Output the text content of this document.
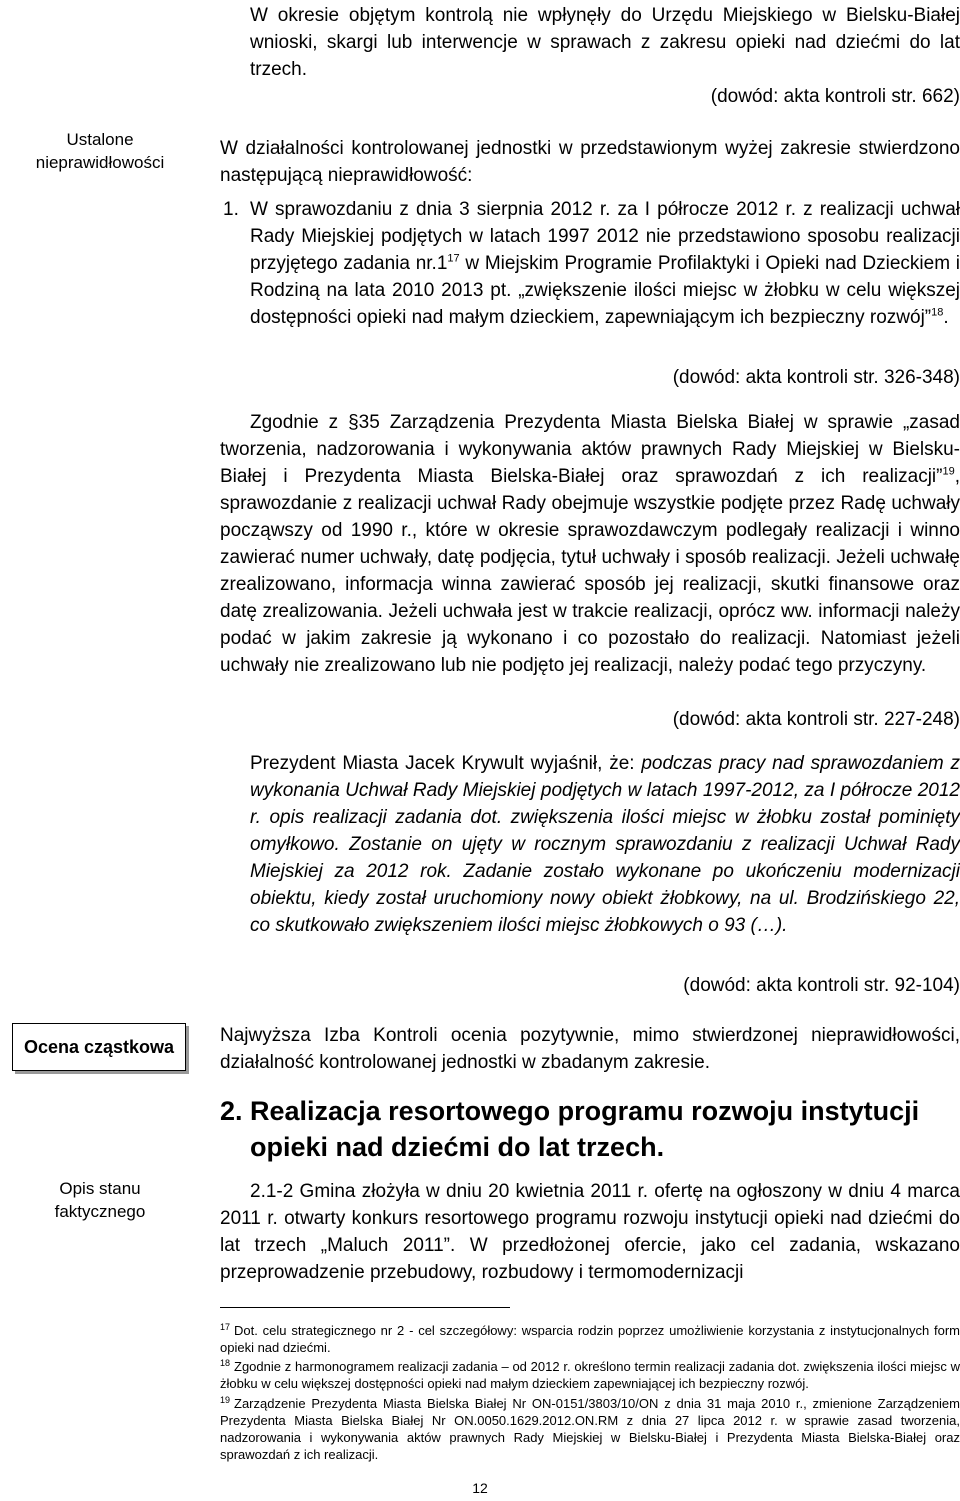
Ustalone nieprawidłowości
Ocena cząstkowa
Opis stanu faktycznego

W okresie objętym kontrolą nie wpłynęły do Urzędu Miejskiego w Bielsku-Białej wnioski, skargi lub interwencje w sprawach z zakresu opieki nad dziećmi do lat trzech.

(dowód: akta kontroli str. 662)

W działalności kontrolowanej jednostki w przedstawionym wyżej zakresie stwierdzono następującą nieprawidłowość:

1. W sprawozdaniu z dnia 3 sierpnia 2012 r. za I półrocze 2012 r. z realizacji uchwał Rady Miejskiej podjętych w latach 1997 2012 nie przedstawiono sposobu realizacji przyjętego zadania $nr.1^{17}$ w Miejskim Programie Profilaktyki i Opieki nad Dzieckiem i Rodziną na lata 2010 2013 pt. „zwiększenie ilości miejsc w żłobku w celu większej dostępności opieki nad małym dzieckiem, zapewniającym ich bezpieczny rozwój”$^{18}$.

(dowód: akta kontroli str. 326-348)

Zgodnie z §35 Zarządzenia Prezydenta Miasta Bielska Białej w sprawie „zasad tworzenia, nadzorowania i wykonywania aktów prawnych Rady Miejskiej w Bielsku-Białej i Prezydenta Miasta Bielska-Białej oraz sprawozdań z ich realizacji”$^{19}$, sprawozdanie z realizacji uchwał Rady obejmuje wszystkie podjęte przez Radę uchwały począwszy od 1990 r., które w okresie sprawozdawczym podlegały realizacji i winno zawierać numer uchwały, datę podjęcia, tytuł uchwały i sposób realizacji. Jeżeli uchwałę zrealizowano, informacja winna zawierać sposób jej realizacji, skutki finansowe oraz datę zrealizowania. Jeżeli uchwała jest w trakcie realizacji, oprócz ww. informacji należy podać w jakim zakresie ją wykonano i co pozostało do realizacji. Natomiast jeżeli uchwały nie zrealizowano lub nie podjęto jej realizacji, należy podać tego przyczyny.

(dowód: akta kontroli str. 227-248)

Prezydent Miasta Jacek Krywult wyjaśnił, że: podczas pracy nad sprawozdaniem z wykonania Uchwał Rady Miejskiej podjętych w latach 1997-2012, za I półrocze 2012 r. opis realizacji zadania dot. zwiększenia ilości miejsc w żłobku został pominięty omyłkowo. Zostanie on ujęty w rocznym sprawozdaniu z realizacji Uchwał Rady Miejskiej za 2012 rok. Zadanie zostało wykonane po ukończeniu modernizacji obiektu, kiedy został uruchomiony nowy obiekt żłobkowy, na ul. Brodzińskiego 22, co skutkowało zwiększeniem ilości miejsc żłobkowych o 93 (…).

(dowód: akta kontroli str. 92-104)

Najwyższa Izba Kontroli ocenia pozytywnie, mimo stwierdzonej nieprawidłowości, działalność kontrolowanej jednostki w zbadanym zakresie.

2. Realizacja resortowego programu rozwoju instytucji opieki nad dziećmi do lat trzech.

2.1-2 Gmina złożyła w dniu 20 kwietnia 2011 r. ofertę na ogłoszony w dniu 4 marca 2011 r. otwarty konkurs resortowego programu rozwoju instytucji opieki nad dziećmi do lat trzech „Maluch 2011”. W przedłożonej ofercie, jako cel zadania, wskazano przeprowadzenie przebudowy, rozbudowy i termomodernizacji

$^{17}$ Dot. celu strategicznego nr 2 - cel szczegółowy: wsparcia rodzin poprzez umożliwienie korzystania z instytucjonalnych form opieki nad dziećmi.
$^{18}$ Zgodnie z harmonogramem realizacji zadania – od 2012 r. określono termin realizacji zadania dot. zwiększenia ilości miejsc w żłobku w celu większej dostępności opieki nad małym dzieckiem zapewniającej ich bezpieczny rozwój.
$^{19}$ Zarządzenie Prezydenta Miasta Bielska Białej Nr ON-0151/3803/10/ON z dnia 31 maja 2010 r., zmienione Zarządzeniem Prezydenta Miasta Bielska Białej Nr ON.0050.1629.2012.ON.RM z dnia 27 lipca 2012 r. w sprawie zasad tworzenia, nadzorowania i wykonywania aktów prawnych Rady Miejskiej w Bielsku-Białej i Prezydenta Miasta Bielska-Białej oraz sprawozdań z ich realizacji.
12
